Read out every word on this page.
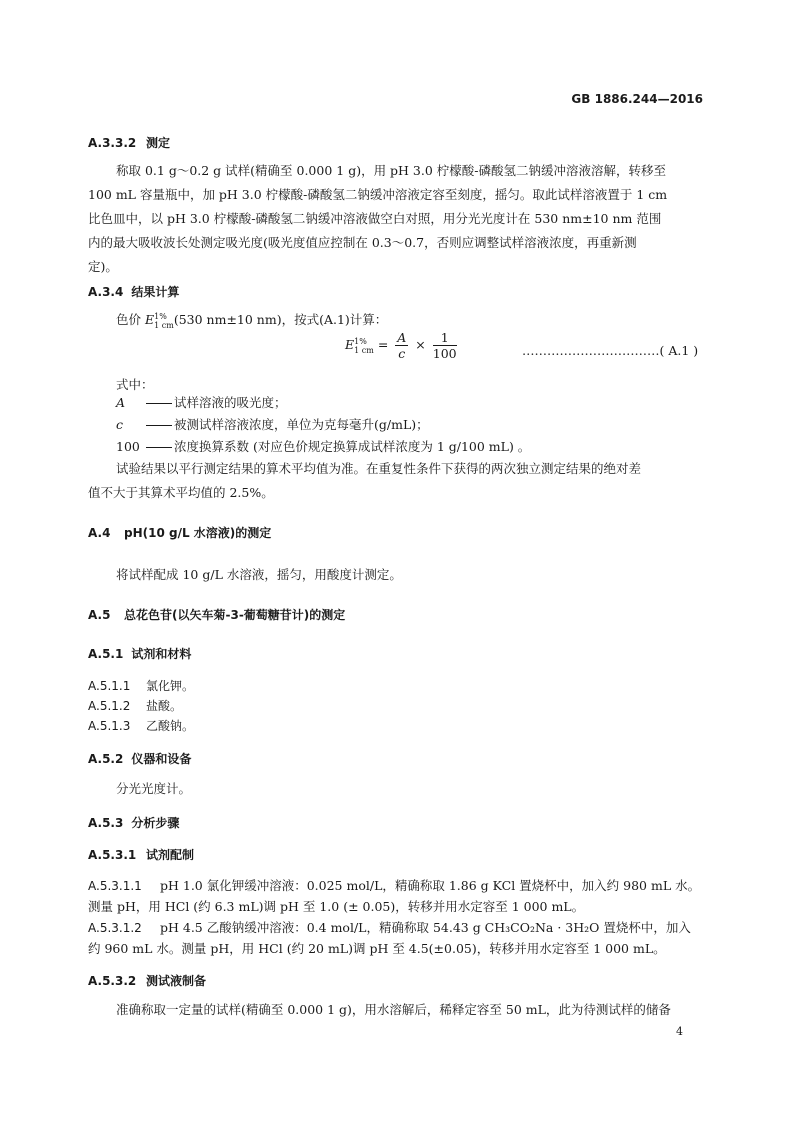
GB 1886.244—2016
A.3.3.2 测定
称取 0.1 g～0.2 g 试样(精确至 0.000 1 g)，用 pH 3.0 柠檬酸-磷酸氢二钠缓冲溶液溶解，转移至
100 mL 容量瓶中，加 pH 3.0 柠檬酸-磷酸氢二钠缓冲溶液定容至刻度，摇匀。取此试样溶液置于 1 cm
比色皿中，以 pH 3.0 柠檬酸-磷酸氢二钠缓冲溶液做空白对照，用分光光度计在 530 nm±10 nm 范围
内的最大吸收波长处测定吸光度(吸光度值应控制在 0.3～0.7，否则应调整试样溶液浓度，再重新测
定)。
A.3.4 结果计算
色价 E 1%
1 cm (530 nm±10 nm)，按式(A.1)计算：
E 1%
1 cm = $\frac{A}{c} \times \frac{1}{100}$	……………………………( A.1 )
式中：
A	试样溶液的吸光度；
c	被测试样溶液浓度，单位为克每毫升(g/mL)；
100	浓度换算系数 (对应色价规定换算成试样浓度为 1 g/100 mL) 。
试验结果以平行测定结果的算术平均值为准。在重复性条件下获得的两次独立测定结果的绝对差
值不大于其算术平均值的 2.5%。
A.4 pH(10 g/L 水溶液)的测定
将试样配成 10 g/L 水溶液，摇匀，用酸度计测定。
A.5 总花色苷(以矢车菊-3-葡萄糖苷计)的测定
A.5.1 试剂和材料
A.5.1.1 氯化钾。
A.5.1.2 盐酸。
A.5.1.3 乙酸钠。
A.5.2 仪器和设备
分光光度计。
A.5.3 分析步骤
A.5.3.1 试剂配制
A.5.3.1.1 pH 1.0 氯化钾缓冲溶液：0.025 mol/L，精确称取 1.86 g KCl 置烧杯中，加入约 980 mL 水。
测量 pH，用 HCl (约 6.3 mL)调 pH 至 1.0 (± 0.05)，转移并用水定容至 1 000 mL。
A.5.3.1.2 pH 4.5 乙酸钠缓冲溶液：0.4 mol/L，精确称取 54.43 g CH₃CO₂Na · 3H₂O 置烧杯中，加入
约 960 mL 水。测量 pH，用 HCl (约 20 mL)调 pH 至 4.5(±0.05)，转移并用水定容至 1 000 mL。
A.5.3.2 测试液制备
准确称取一定量的试样(精确至 0.000 1 g)，用水溶解后，稀释定容至 50 mL，此为待测试样的储备
4
